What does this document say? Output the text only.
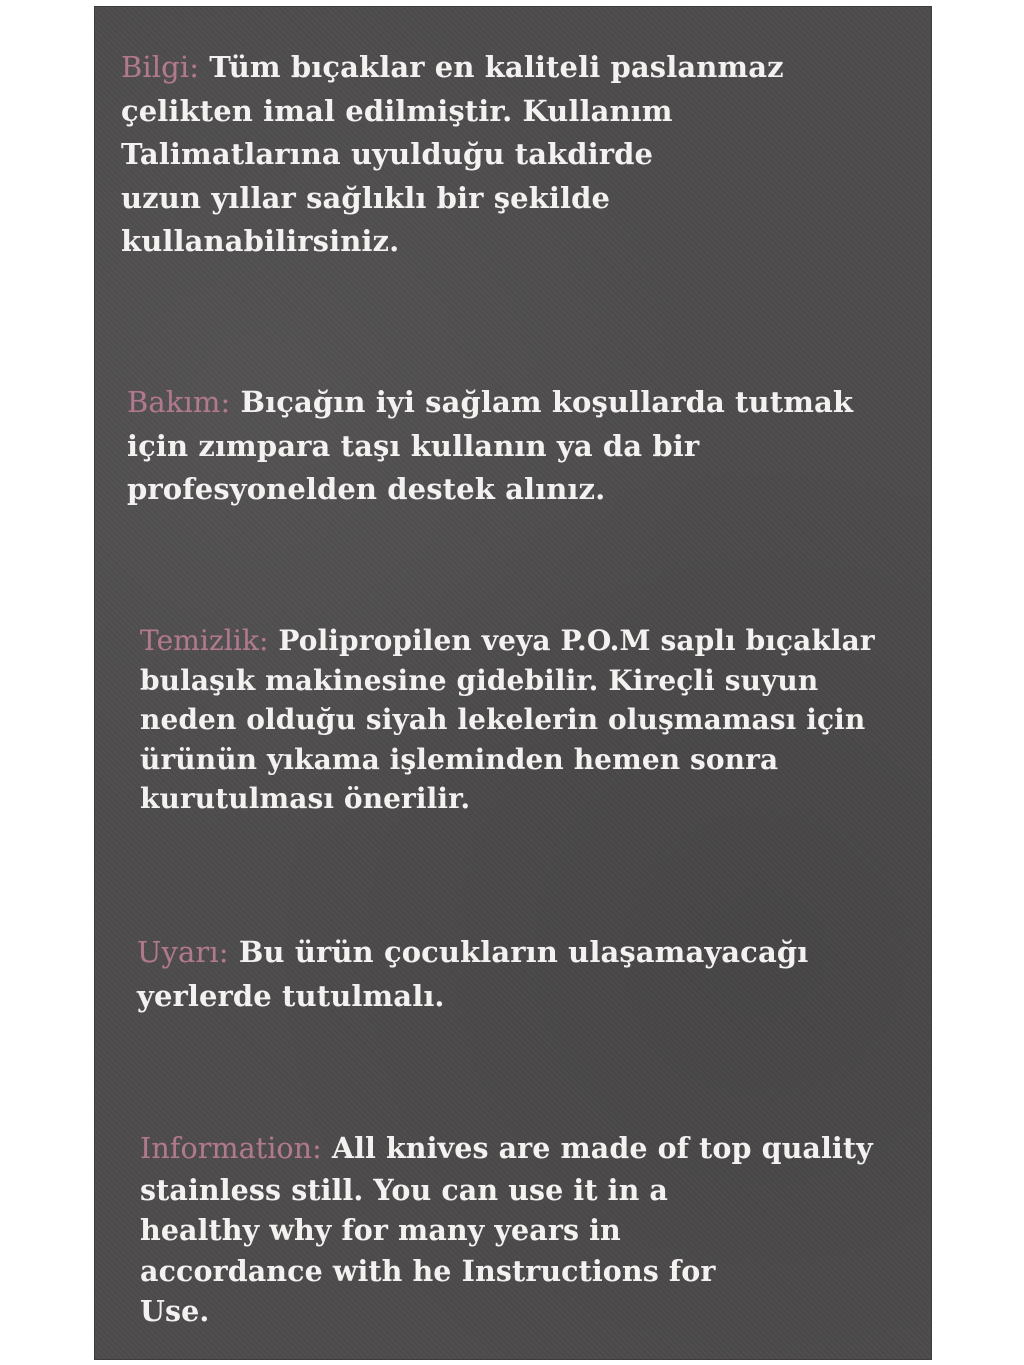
Bilgi: Tüm bıçaklar en kaliteli paslanmaz

çelikten imal edilmiştir. Kullanım

Talimatlarına uyulduğu takdirde

uzun yıllar sağlıklı bir şekilde

kullanabilirsiniz.

Bakım: Bıçağın iyi sağlam koşullarda tutmak

için zımpara taşı kullanın ya da bir

profesyonelden destek alınız.

Temizlik: Polipropilen veya P.O.M saplı bıçaklar

bulaşık makinesine gidebilir. Kireçli suyun

neden olduğu siyah lekelerin oluşmaması için

ürünün yıkama işleminden hemen sonra

kurutulması önerilir.

Uyarı: Bu ürün çocukların ulaşamayacağı

yerlerde tutulmalı.

Information: All knives are made of top quality

stainless still. You can use it in a

healthy why for many years in

accordance with he Instructions for

Use.
